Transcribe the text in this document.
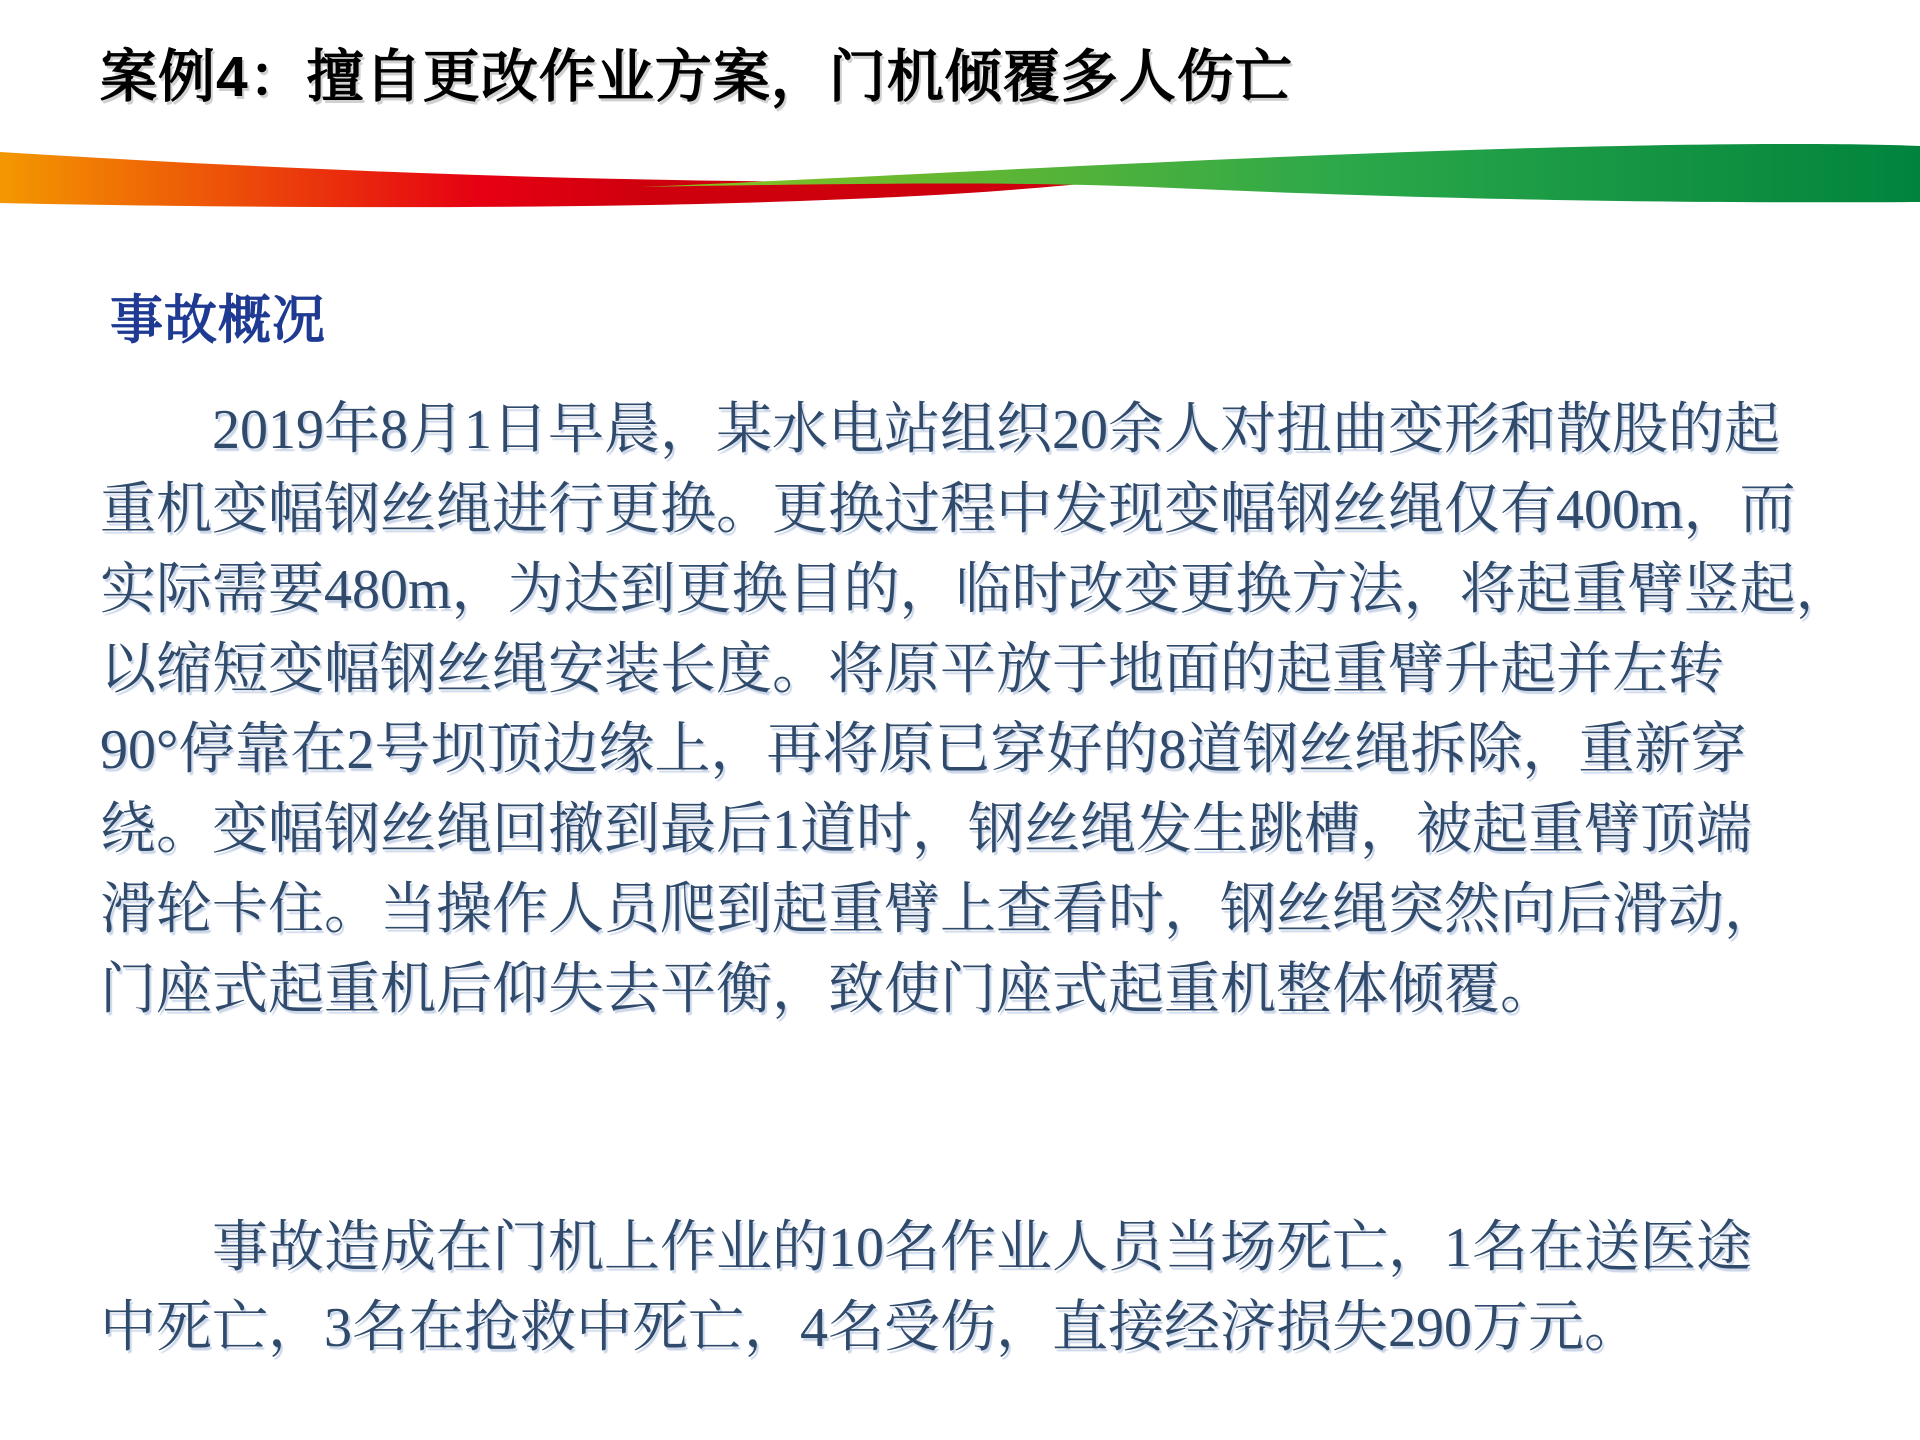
案例4：擅自更改作业方案，门机倾覆多人伤亡
事故概况
2019年8月1日早晨，某水电站组织20余人对扭曲变形和散股的起
重机变幅钢丝绳进行更换。更换过程中发现变幅钢丝绳仅有400m，而
实际需要480m，为达到更换目的，临时改变更换方法，将起重臂竖起，
以缩短变幅钢丝绳安装长度。将原平放于地面的起重臂升起并左转
90°停靠在2号坝顶边缘上，再将原已穿好的8道钢丝绳拆除，重新穿
绕。变幅钢丝绳回撤到最后1道时，钢丝绳发生跳槽，被起重臂顶端
滑轮卡住。当操作人员爬到起重臂上查看时，钢丝绳突然向后滑动，
门座式起重机后仰失去平衡，致使门座式起重机整体倾覆。
事故造成在门机上作业的10名作业人员当场死亡，1名在送医途
中死亡，3名在抢救中死亡，4名受伤，直接经济损失290万元。
